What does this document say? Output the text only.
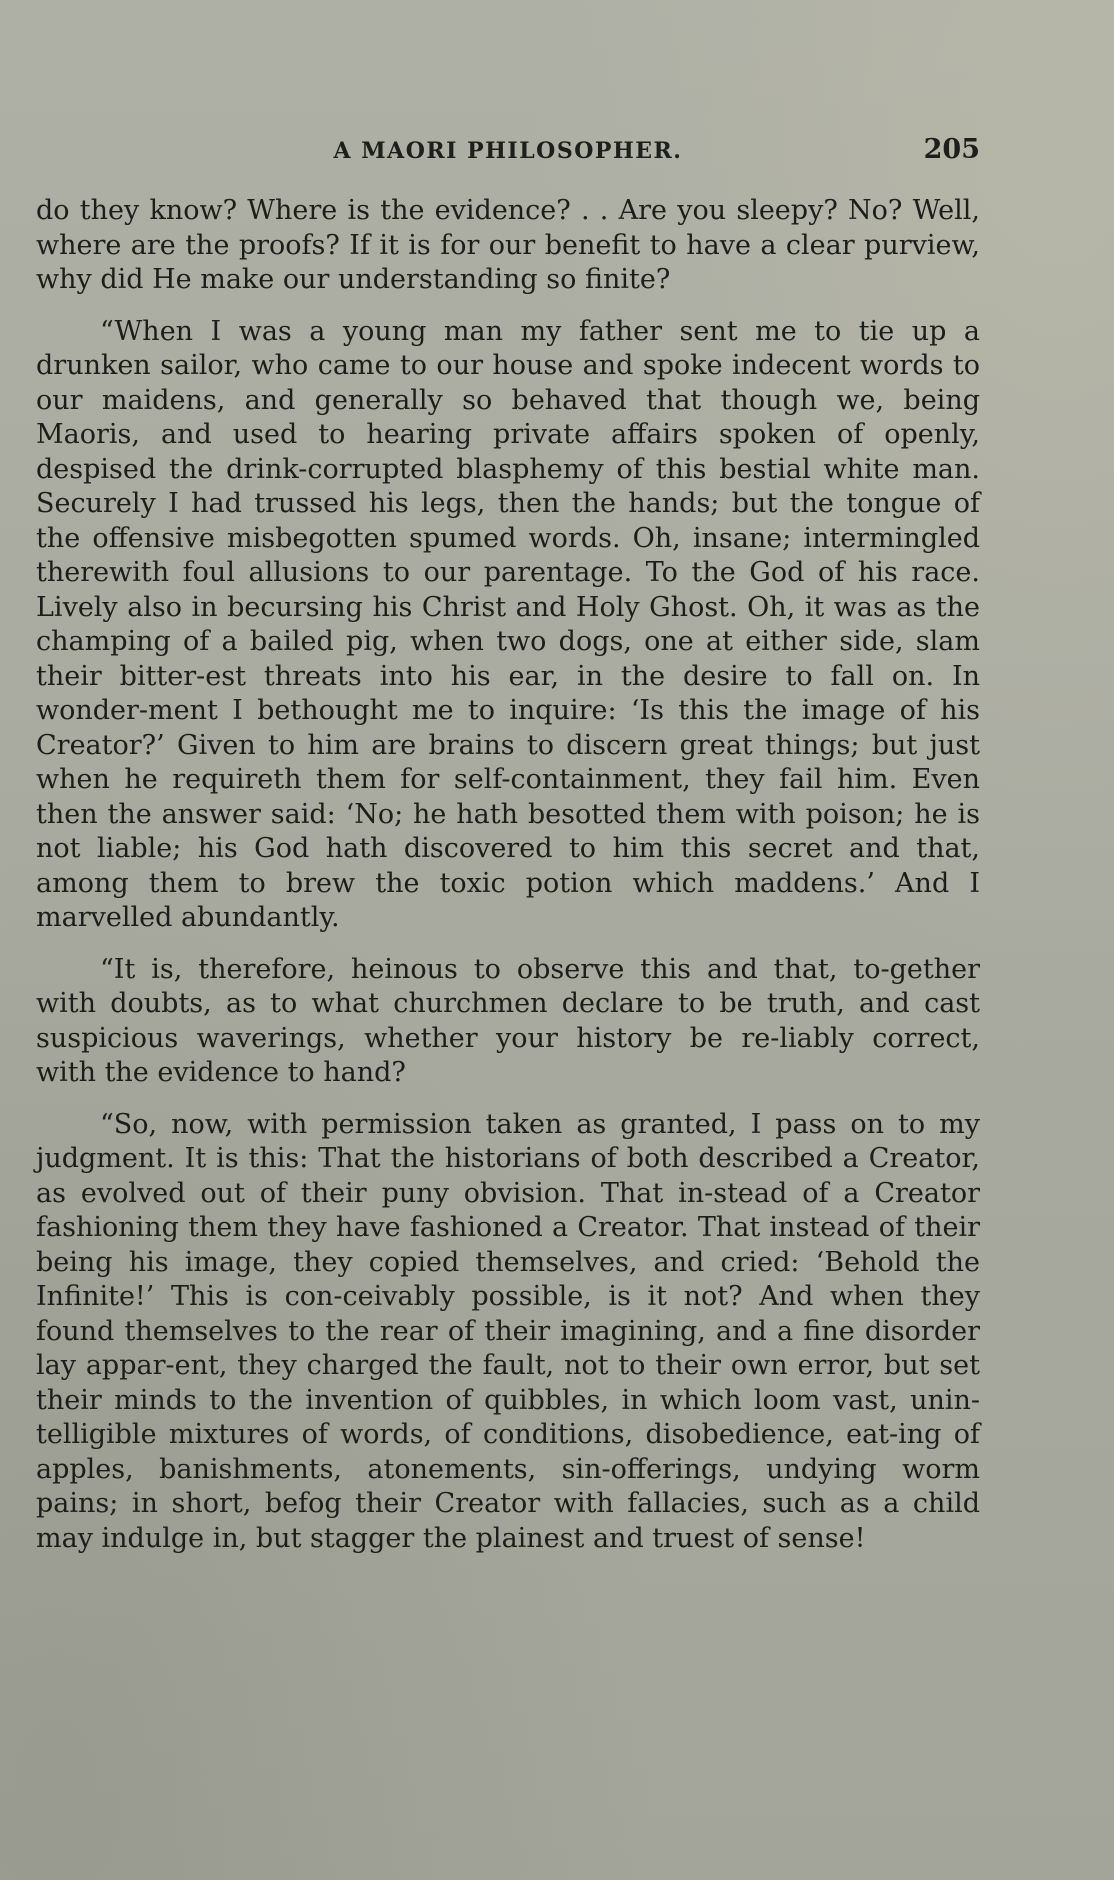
A MAORI PHILOSOPHER.	205

do they know? Where is the evidence? . . Are you sleepy? No? Well, where are the proofs? If it is for our benefit to have a clear purview, why did He make our understanding so finite?

“When I was a young man my father sent me to tie up a drunken sailor, who came to our house and spoke indecent words to our maidens, and generally so behaved that though we, being Maoris, and used to hearing private affairs spoken of openly, despised the drink-corrupted blasphemy of this bestial white man. Securely I had trussed his legs, then the hands; but the tongue of the offensive misbegotten spumed words. Oh, insane; intermingled therewith foul allusions to our parentage. To the God of his race. Lively also in becursing his Christ and Holy Ghost. Oh, it was as the champing of a bailed pig, when two dogs, one at either side, slam their bitter-est threats into his ear, in the desire to fall on. In wonder-ment I bethought me to inquire: ‘Is this the image of his Creator?’ Given to him are brains to discern great things; but just when he requireth them for self-containment, they fail him. Even then the answer said: ‘No; he hath besotted them with poison; he is not liable; his God hath discovered to him this secret and that, among them to brew the toxic potion which maddens.’ And I marvelled abundantly.

“It is, therefore, heinous to observe this and that, to-gether with doubts, as to what churchmen declare to be truth, and cast suspicious waverings, whether your history be re-liably correct, with the evidence to hand?

“So, now, with permission taken as granted, I pass on to my judgment. It is this: That the historians of both described a Creator, as evolved out of their puny obvision. That in-stead of a Creator fashioning them they have fashioned a Creator. That instead of their being his image, they copied themselves, and cried: ‘Behold the Infinite!’ This is con-ceivably possible, is it not? And when they found themselves to the rear of their imagining, and a fine disorder lay appar-ent, they charged the fault, not to their own error, but set their minds to the invention of quibbles, in which loom vast, unin-telligible mixtures of words, of conditions, disobedience, eat-ing of apples, banishments, atonements, sin-offerings, undying worm pains; in short, befog their Creator with fallacies, such as a child may indulge in, but stagger the plainest and truest of sense!
